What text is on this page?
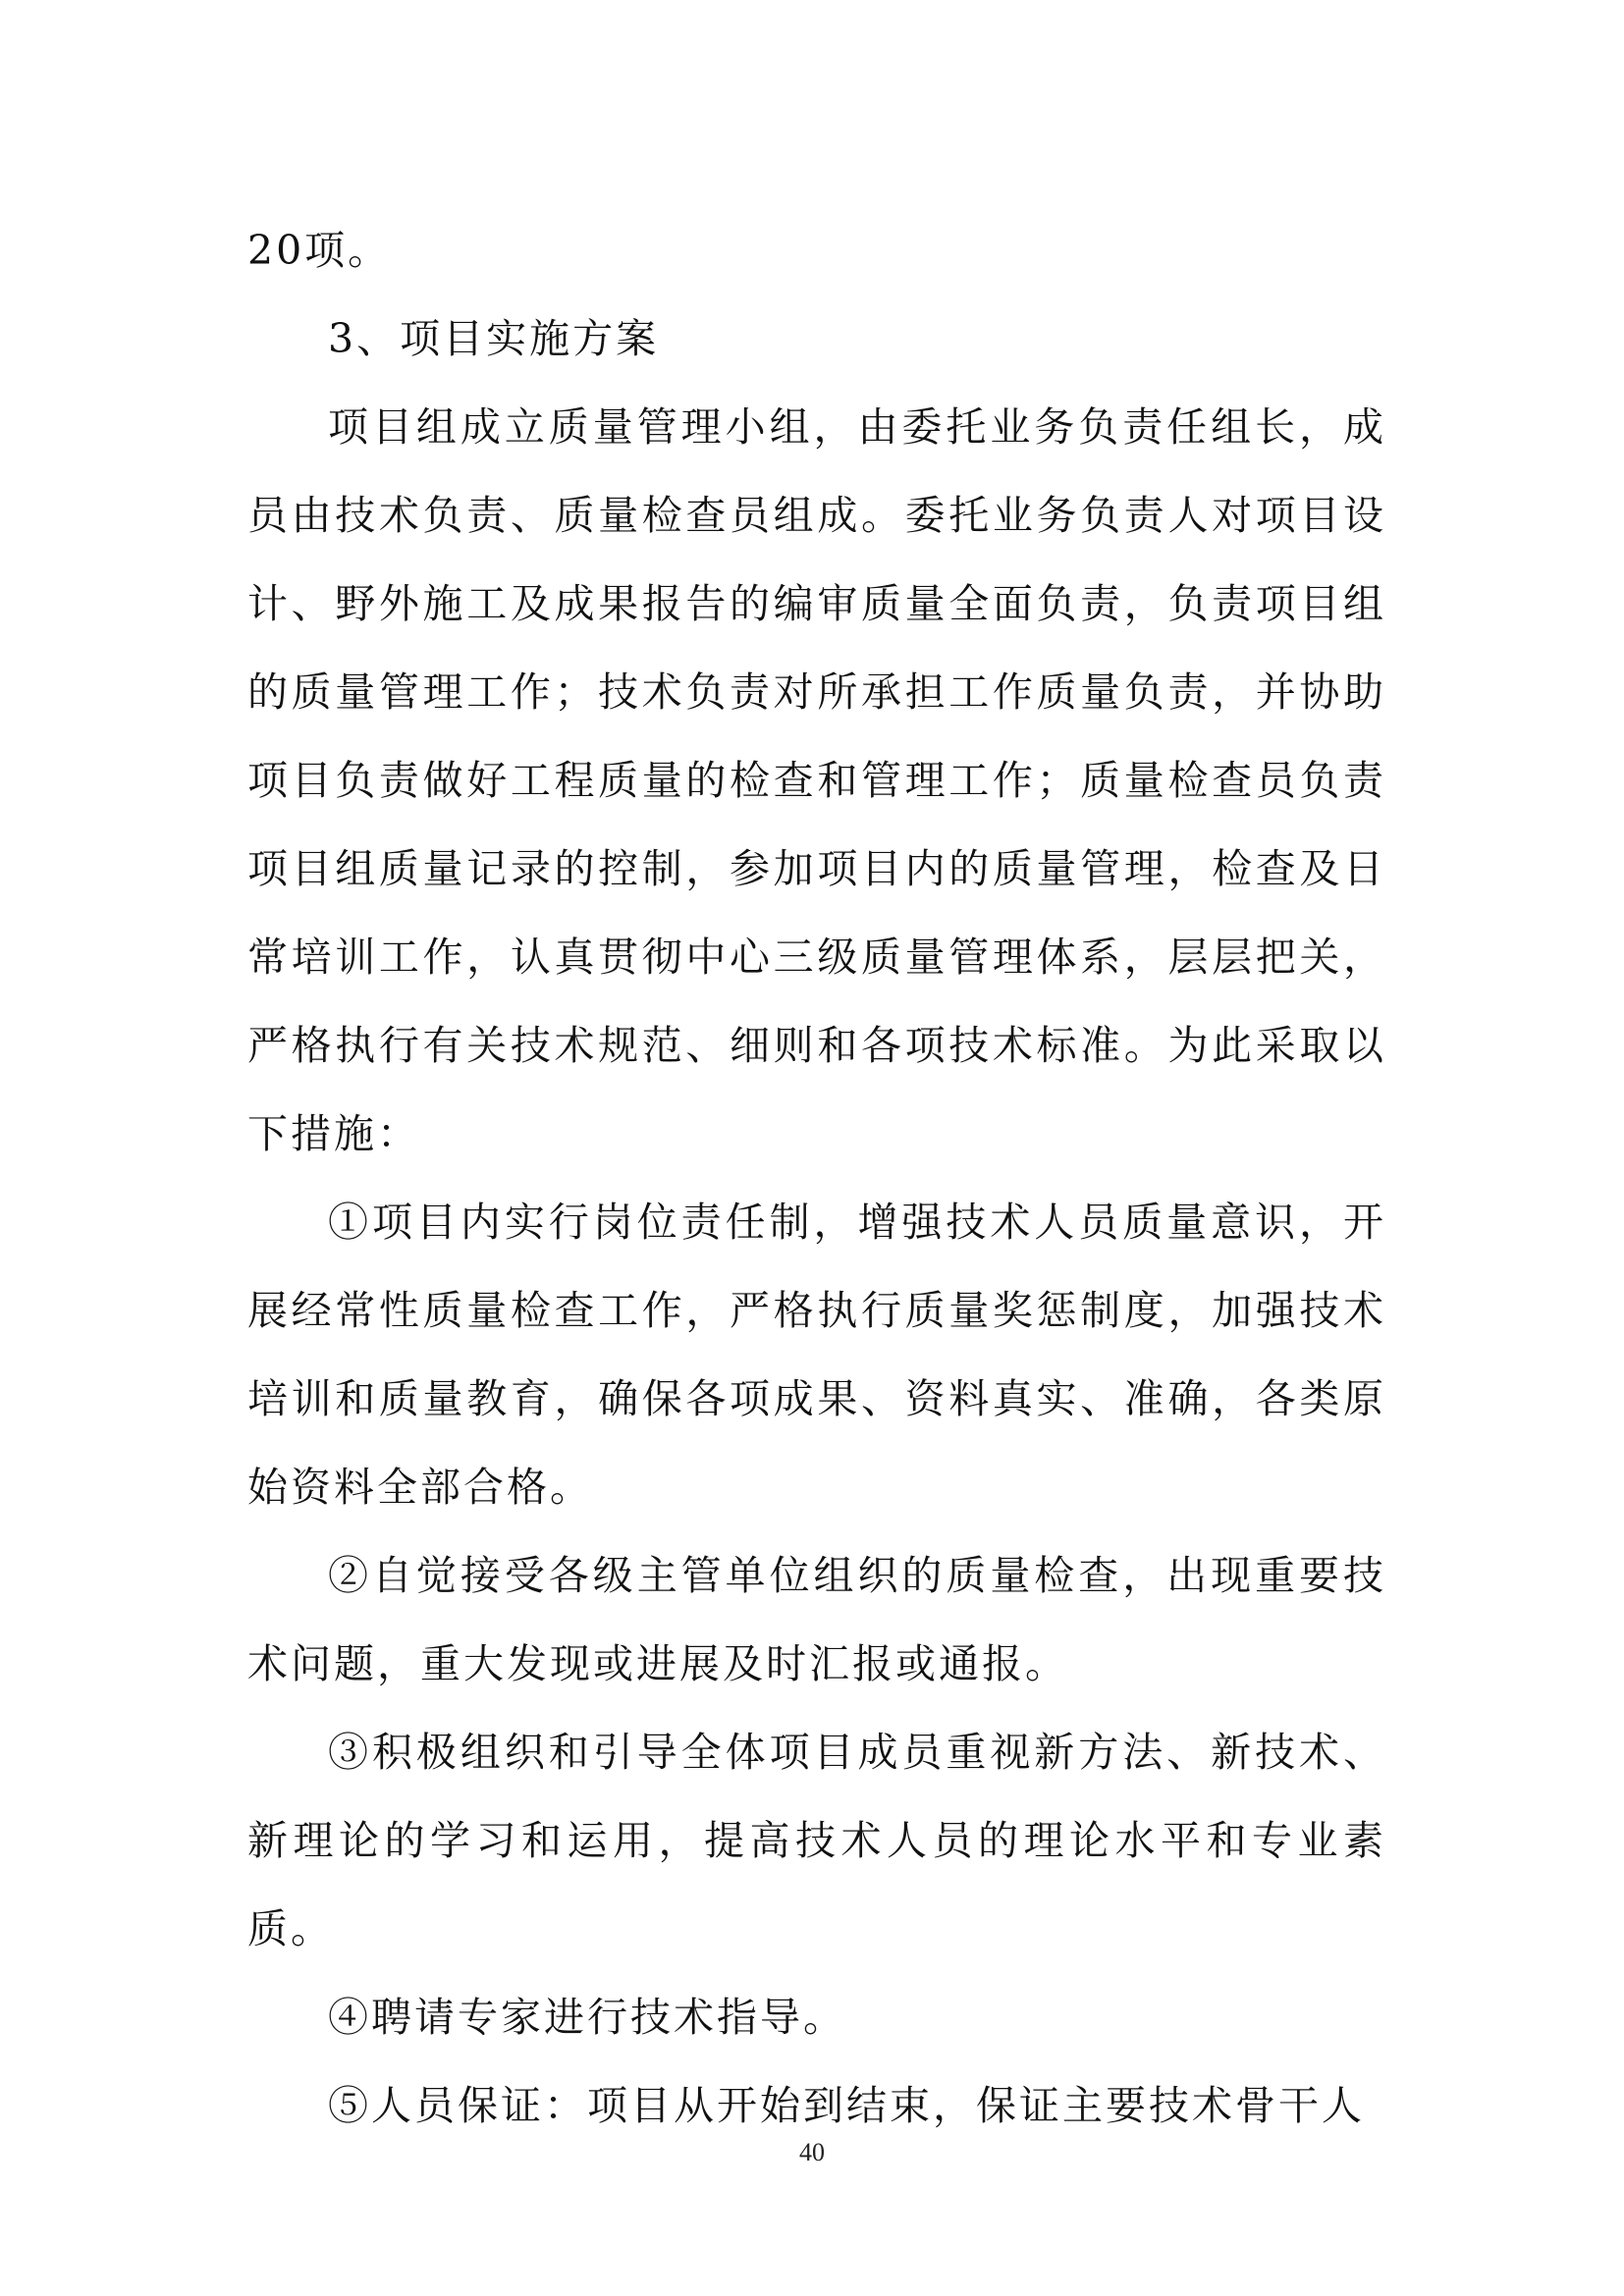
20项。

3、项目实施方案

项目组成立质量管理小组，由委托业务负责任组长，成员由技术负责、质量检查员组成。委托业务负责人对项目设计、野外施工及成果报告的编审质量全面负责，负责项目组的质量管理工作；技术负责对所承担工作质量负责，并协助项目负责做好工程质量的检查和管理工作；质量检查员负责项目组质量记录的控制，参加项目内的质量管理，检查及日常培训工作，认真贯彻中心三级质量管理体系，层层把关，严格执行有关技术规范、细则和各项技术标准。为此采取以下措施：

①项目内实行岗位责任制，增强技术人员质量意识，开展经常性质量检查工作，严格执行质量奖惩制度，加强技术培训和质量教育，确保各项成果、资料真实、准确，各类原始资料全部合格。

②自觉接受各级主管单位组织的质量检查，出现重要技术问题，重大发现或进展及时汇报或通报。

③积极组织和引导全体项目成员重视新方法、新技术、新理论的学习和运用，提高技术人员的理论水平和专业素质。

④聘请专家进行技术指导。

⑤人员保证：项目从开始到结束，保证主要技术骨干人

40
